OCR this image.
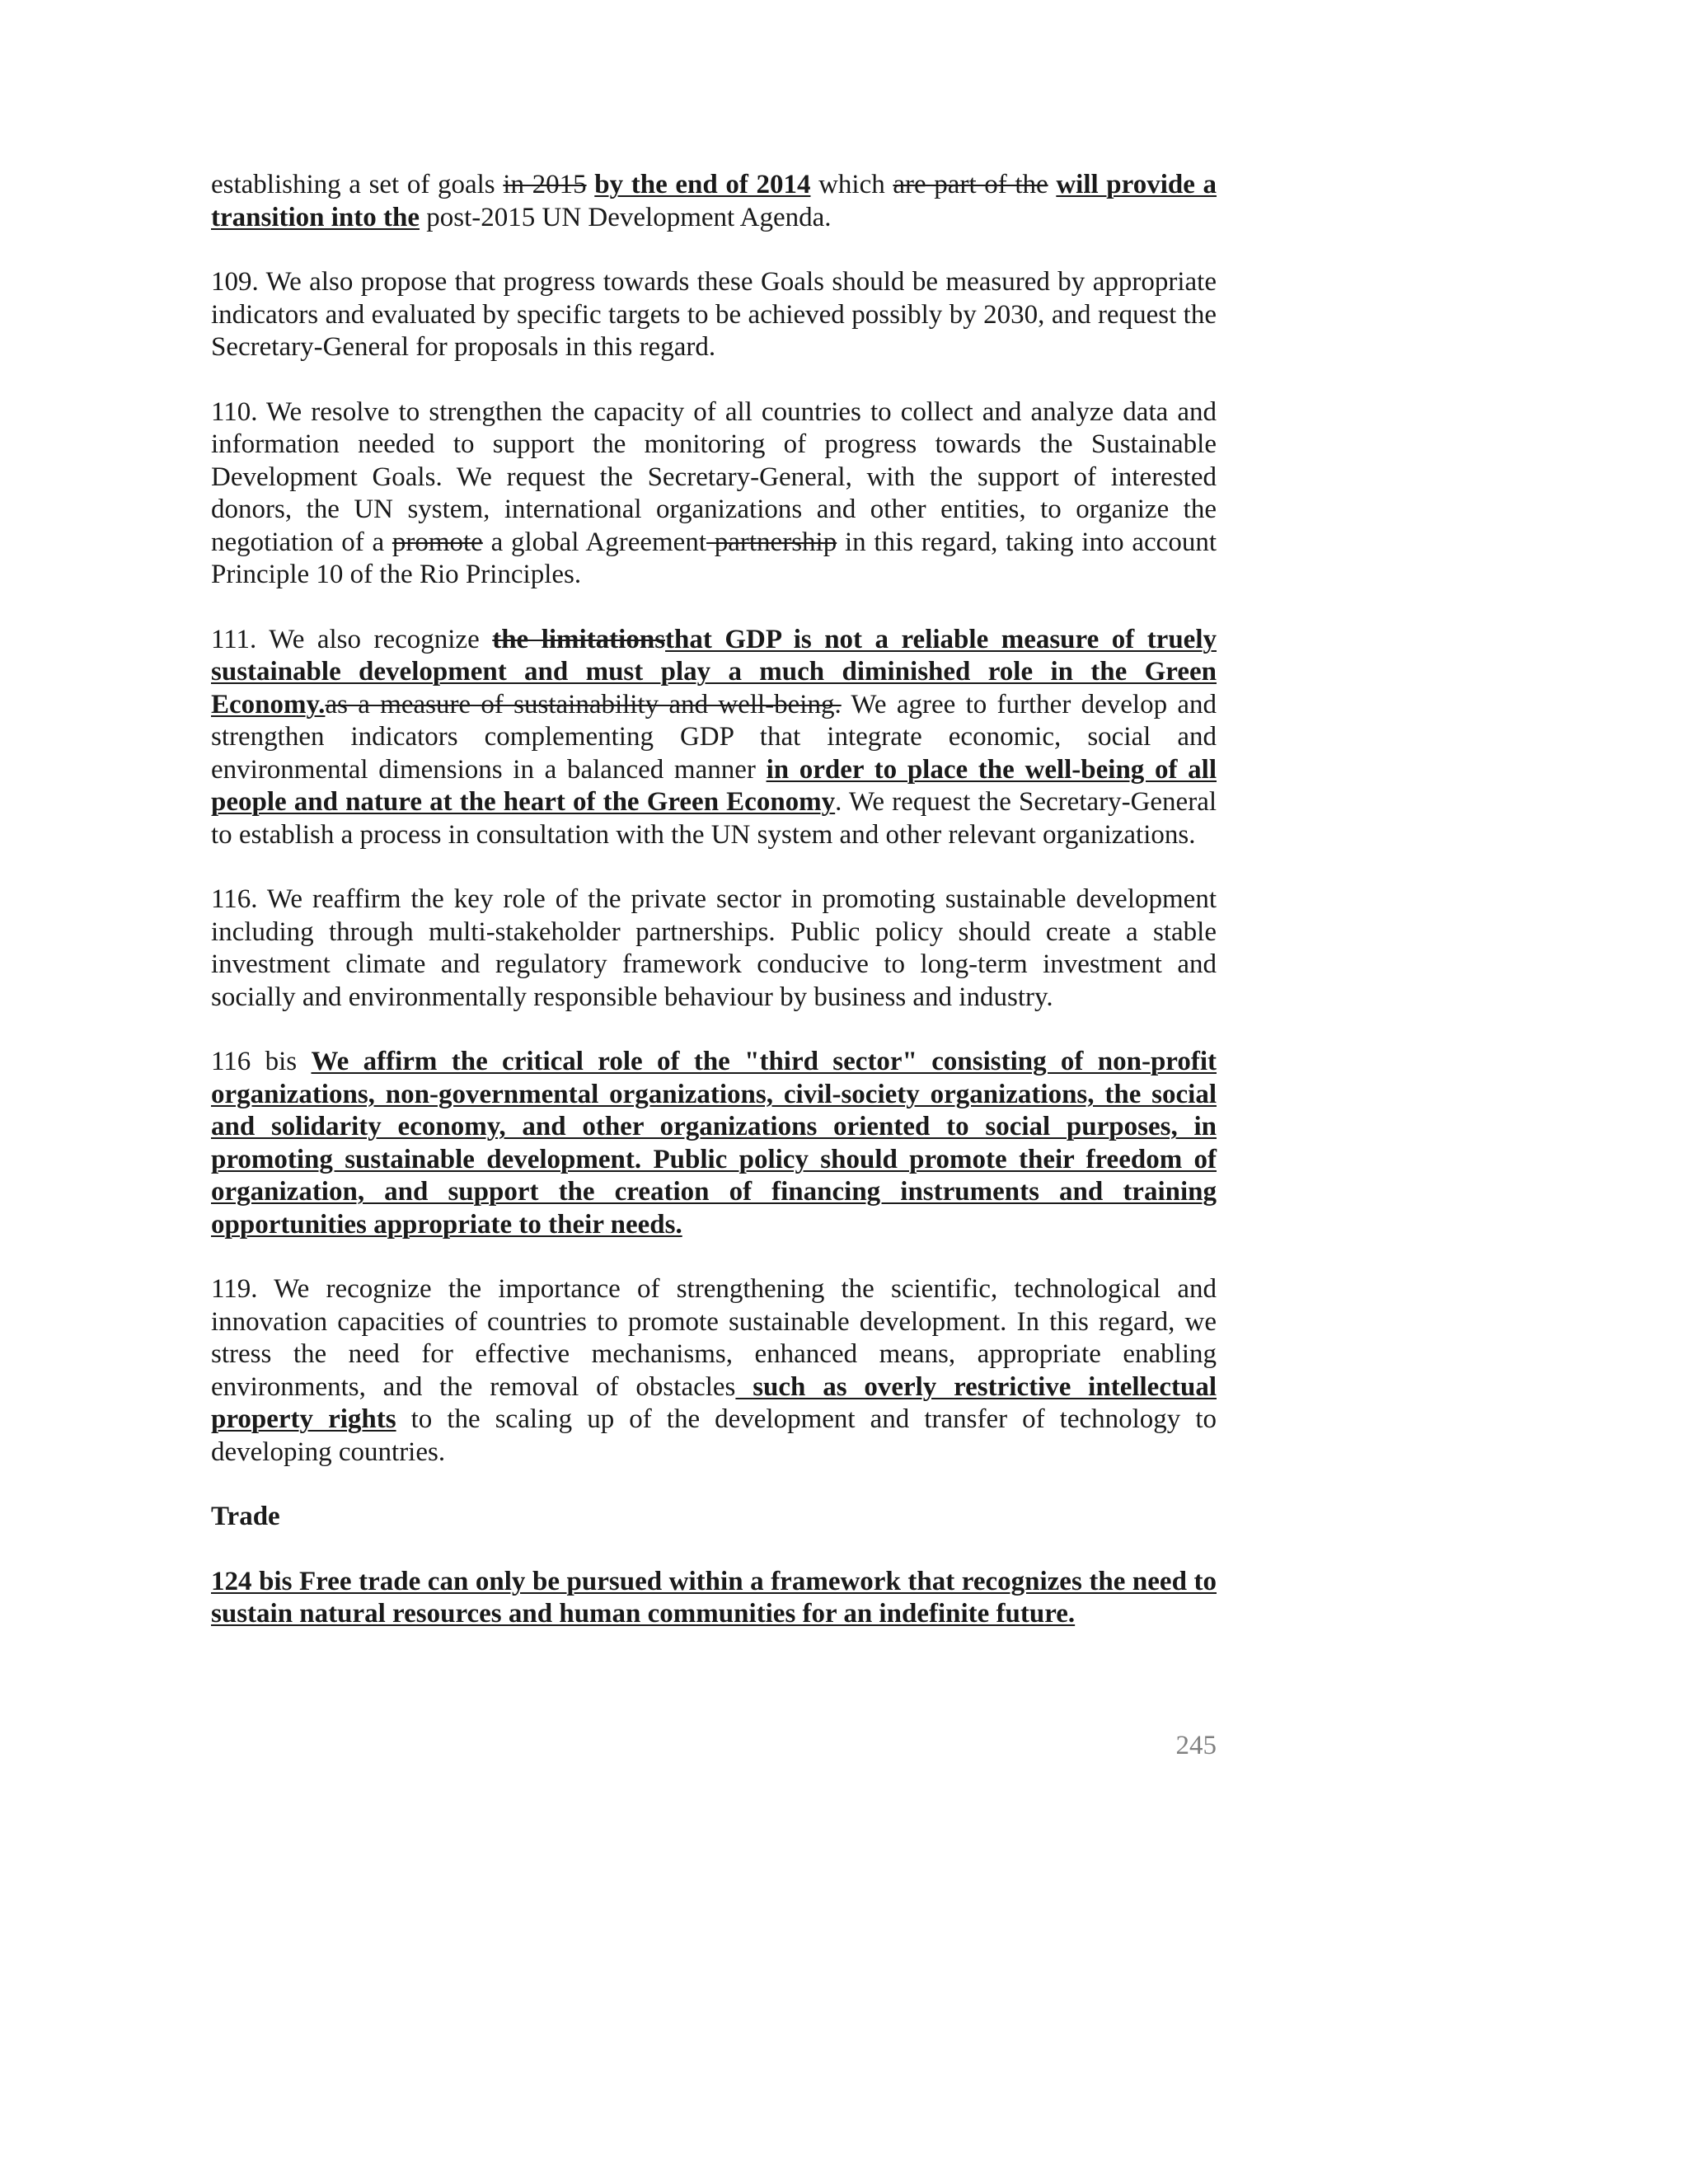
establishing a set of goals in 2015 by the end of 2014 which are part of the will provide a transition into the post-2015 UN Development Agenda.

109. We also propose that progress towards these Goals should be measured by appropriate indicators and evaluated by specific targets to be achieved possibly by 2030, and request the Secretary-General for proposals in this regard.

110. We resolve to strengthen the capacity of all countries to collect and analyze data and information needed to support the monitoring of progress towards the Sustainable Development Goals. We request the Secretary-General, with the support of interested donors, the UN system, international organizations and other entities, to organize the negotiation of a promote a global Agreement partnership in this regard, taking into account Principle 10 of the Rio Principles.

111. We also recognize the limitationsthat GDP is not a reliable measure of truely sustainable development and must play a much diminished role in the Green Economy.as a measure of sustainability and well-being. We agree to further develop and strengthen indicators complementing GDP that integrate economic, social and environmental dimensions in a balanced manner in order to place the well-being of all people and nature at the heart of the Green Economy. We request the Secretary-General to establish a process in consultation with the UN system and other relevant organizations.

116. We reaffirm the key role of the private sector in promoting sustainable development including through multi-stakeholder partnerships. Public policy should create a stable investment climate and regulatory framework conducive to long-term investment and socially and environmentally responsible behaviour by business and industry.

116 bis We affirm the critical role of the "third sector" consisting of non-profit organizations, non-governmental organizations, civil-society organizations, the social and solidarity economy, and other organizations oriented to social purposes, in promoting sustainable development. Public policy should promote their freedom of organization, and support the creation of financing instruments and training opportunities appropriate to their needs.

119. We recognize the importance of strengthening the scientific, technological and innovation capacities of countries to promote sustainable development. In this regard, we stress the need for effective mechanisms, enhanced means, appropriate enabling environments, and the removal of obstacles such as overly restrictive intellectual property rights to the scaling up of the development and transfer of technology to developing countries.

Trade

124 bis Free trade can only be pursued within a framework that recognizes the need to sustain natural resources and human communities for an indefinite future.

245
